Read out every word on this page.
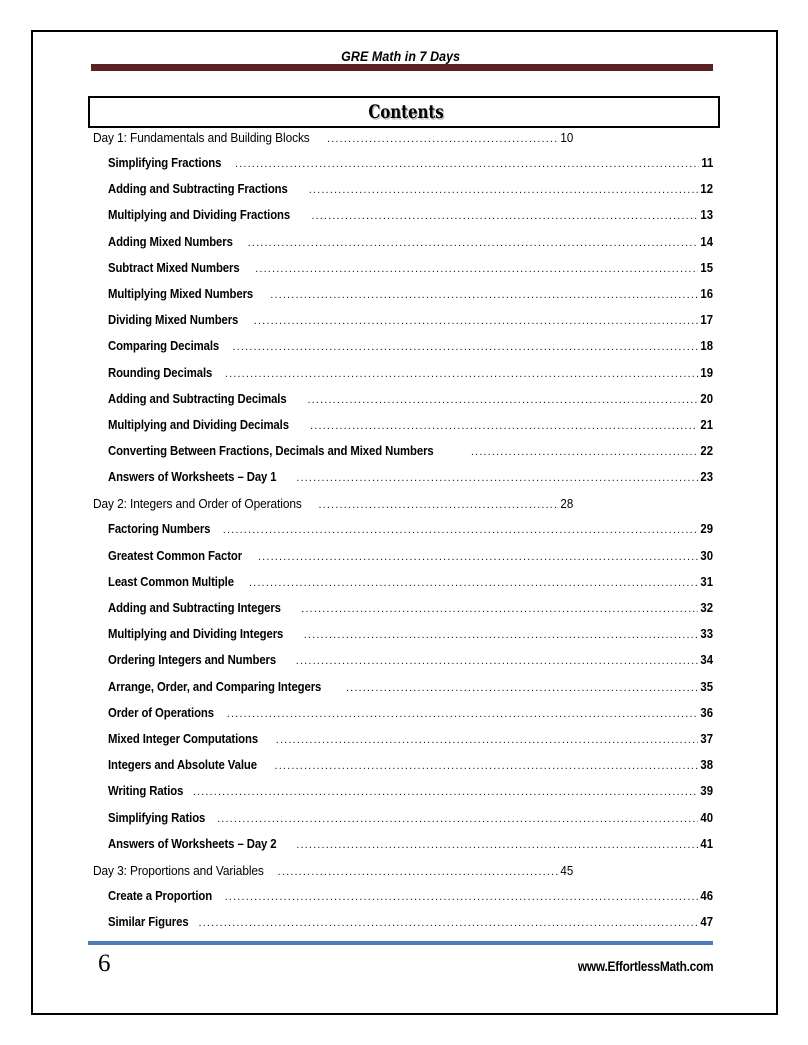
GRE Math in 7 Days
Contents
Day 1: Fundamentals and Building Blocks .....	10
Simplifying Fractions .....	11
Adding and Subtracting Fractions .....	12
Multiplying and Dividing Fractions .....	13
Adding Mixed Numbers .....	14
Subtract Mixed Numbers .....	15
Multiplying Mixed Numbers .....	16
Dividing Mixed Numbers .....	17
Comparing Decimals .....	18
Rounding Decimals .....	19
Adding and Subtracting Decimals .....	20
Multiplying and Dividing Decimals .....	21
Converting Between Fractions, Decimals and Mixed Numbers .....	22
Answers of Worksheets – Day 1 .....	23
Day 2: Integers and Order of Operations .....	28
Factoring Numbers .....	29
Greatest Common Factor .....	30
Least Common Multiple .....	31
Adding and Subtracting Integers .....	32
Multiplying and Dividing Integers .....	33
Ordering Integers and Numbers .....	34
Arrange, Order, and Comparing Integers .....	35
Order of Operations .....	36
Mixed Integer Computations .....	37
Integers and Absolute Value .....	38
Writing Ratios .....	39
Simplifying Ratios .....	40
Answers of Worksheets – Day 2 .....	41
Day 3: Proportions and Variables .....	45
Create a Proportion .....	46
Similar Figures .....	47
6	www.EffortlessMath.com
